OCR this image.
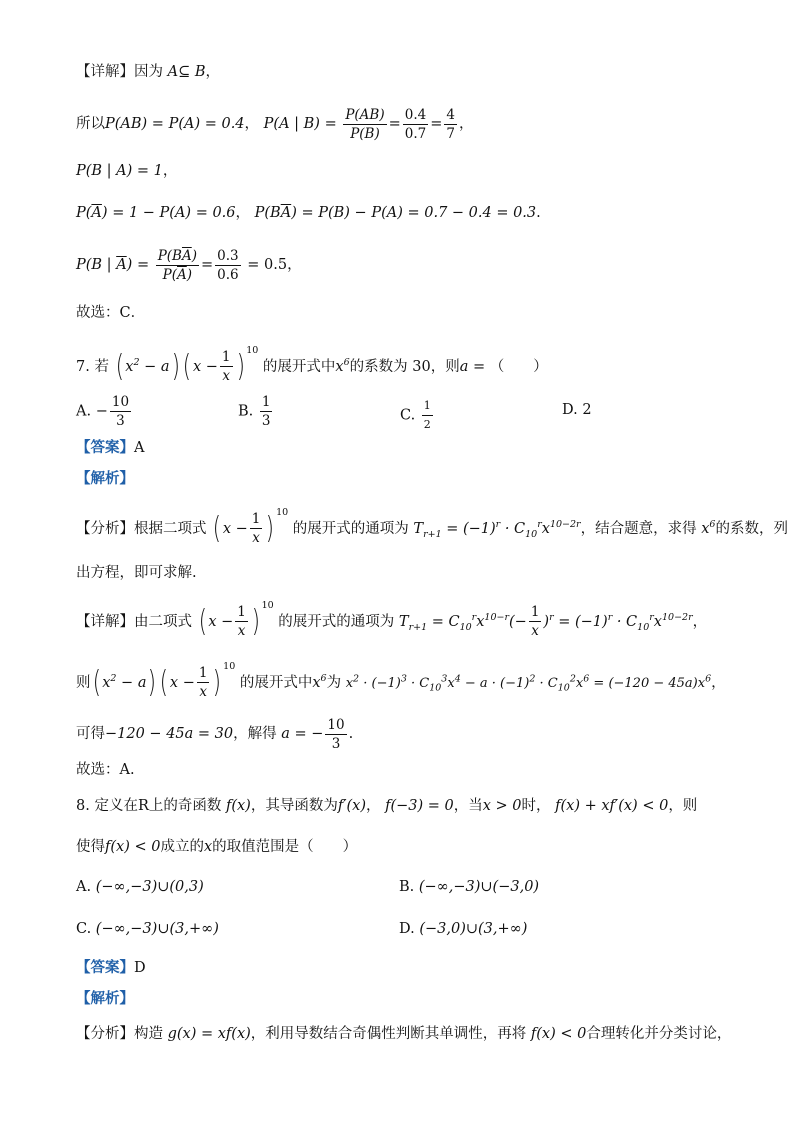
【详解】因为 A⊆ B，
所以P(AB) = P(A) = 0.4， P(A | $B) = \frac{P(AB)}{P(B)} = \frac{0.4}{0.7} = \frac{4}{7}$ ，
P(B | A) = 1，
$P(\overline{A}) = 1 - P(A) = 0.6$， $P(B\overline{A}) = P(B) - P(A) = 0.7 - 0.4 = 0.3$.
P(B | $\overline{A}) = \frac{P(B\overline{A})}{P(\overline{A})} = \frac{0.3}{0.6} = 0.5$，
故选：C．
7. 若 ( $x^2 - a$) ( $x - \frac{1}{x}$ ) $^{10}$ 的展开式中$x^6$的系数为 30，则a = （　　）
A. − $\frac{10}{3}$	B. $\frac{1}{3}$	C. $\frac{1}{2}$	D. 2
【答案】A
【解析】
【分析】根据二项式 ( $x - \frac{1}{x}$ ) $^{10}$ 的展开式的通项为 $T_{r+1} = (-1)^r \cdot C_{10}^rx^{10-2r}$，结合题意，求得 $x^6$的系数，列
出方程，即可求解.
【详解】由二项式 ( $x - \frac{1}{x}$ ) $^{10}$ 的展开式的通项为 $T_{r+1} = C_{10}^rx^{10-r}(- \frac{1}{x} )^r = (-1)^r \cdot C_{10}^rx^{10-2r}$，
则( $x^2 - a$) ( $x - \frac{1}{x}$ ) $^{10}$ 的展开式中$x^6$为 $x^2 \cdot (-1)^3 \cdot C_{10}^3x^4 - a \cdot (-1)^2 \cdot C_{10}^2x^6 = (-120 - 45a)x^6$，
可得−120 − 45a = 30，解得 a = − $\frac{10}{3}$ .
故选：A.
8. 定义在R上的奇函数 f(x)，其导函数为f′(x)， f(−3) = 0，当x > 0时， f(x) + xf′(x) < 0，则
使得f(x) < 0成立的x的取值范围是（　　）
A. (−∞,−3)∪(0,3)	B. (−∞,−3)∪(−3,0)
C. (−∞,−3)∪(3,+∞)	D. (−3,0)∪(3,+∞)
【答案】D
【解析】
【分析】构造 g(x) = xf(x)，利用导数结合奇偶性判断其单调性，再将 f(x) < 0合理转化并分类讨论，
